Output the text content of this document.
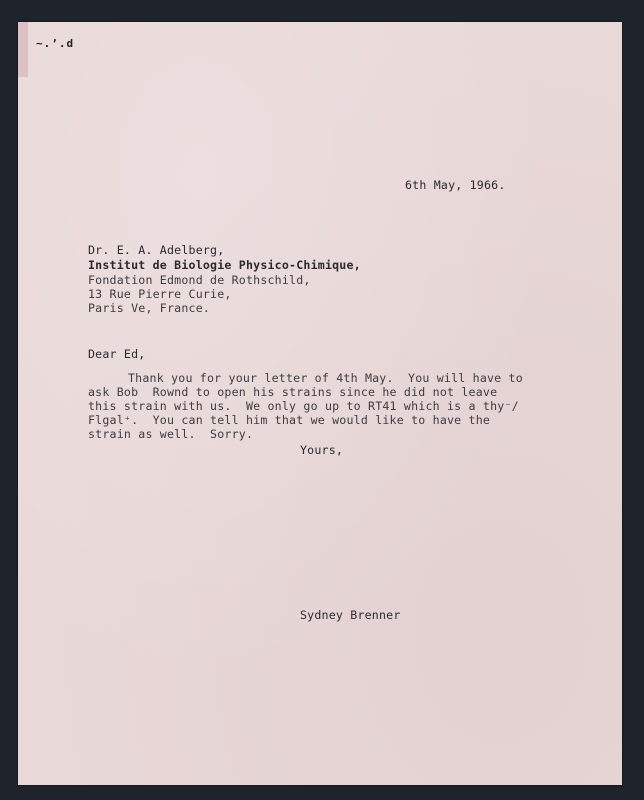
~.ʼ.d
6th May, 1966.
Dr. E. A. Adelberg,
Institut de Biologie Physico-Chimique,
Fondation Edmond de Rothschild,
13 Rue Pierre Curie,
Paris Ve, France.
Dear Ed,
Thank you for your letter of 4th May.  You will have to
ask Bob  Rownd to open his strains since he did not leave
this strain with us.  We only go up to RT41 which is a thy⁻/
Flgal⁺.  You can tell him that we would like to have the
strain as well.  Sorry.
Yours,
Sydney Brenner
